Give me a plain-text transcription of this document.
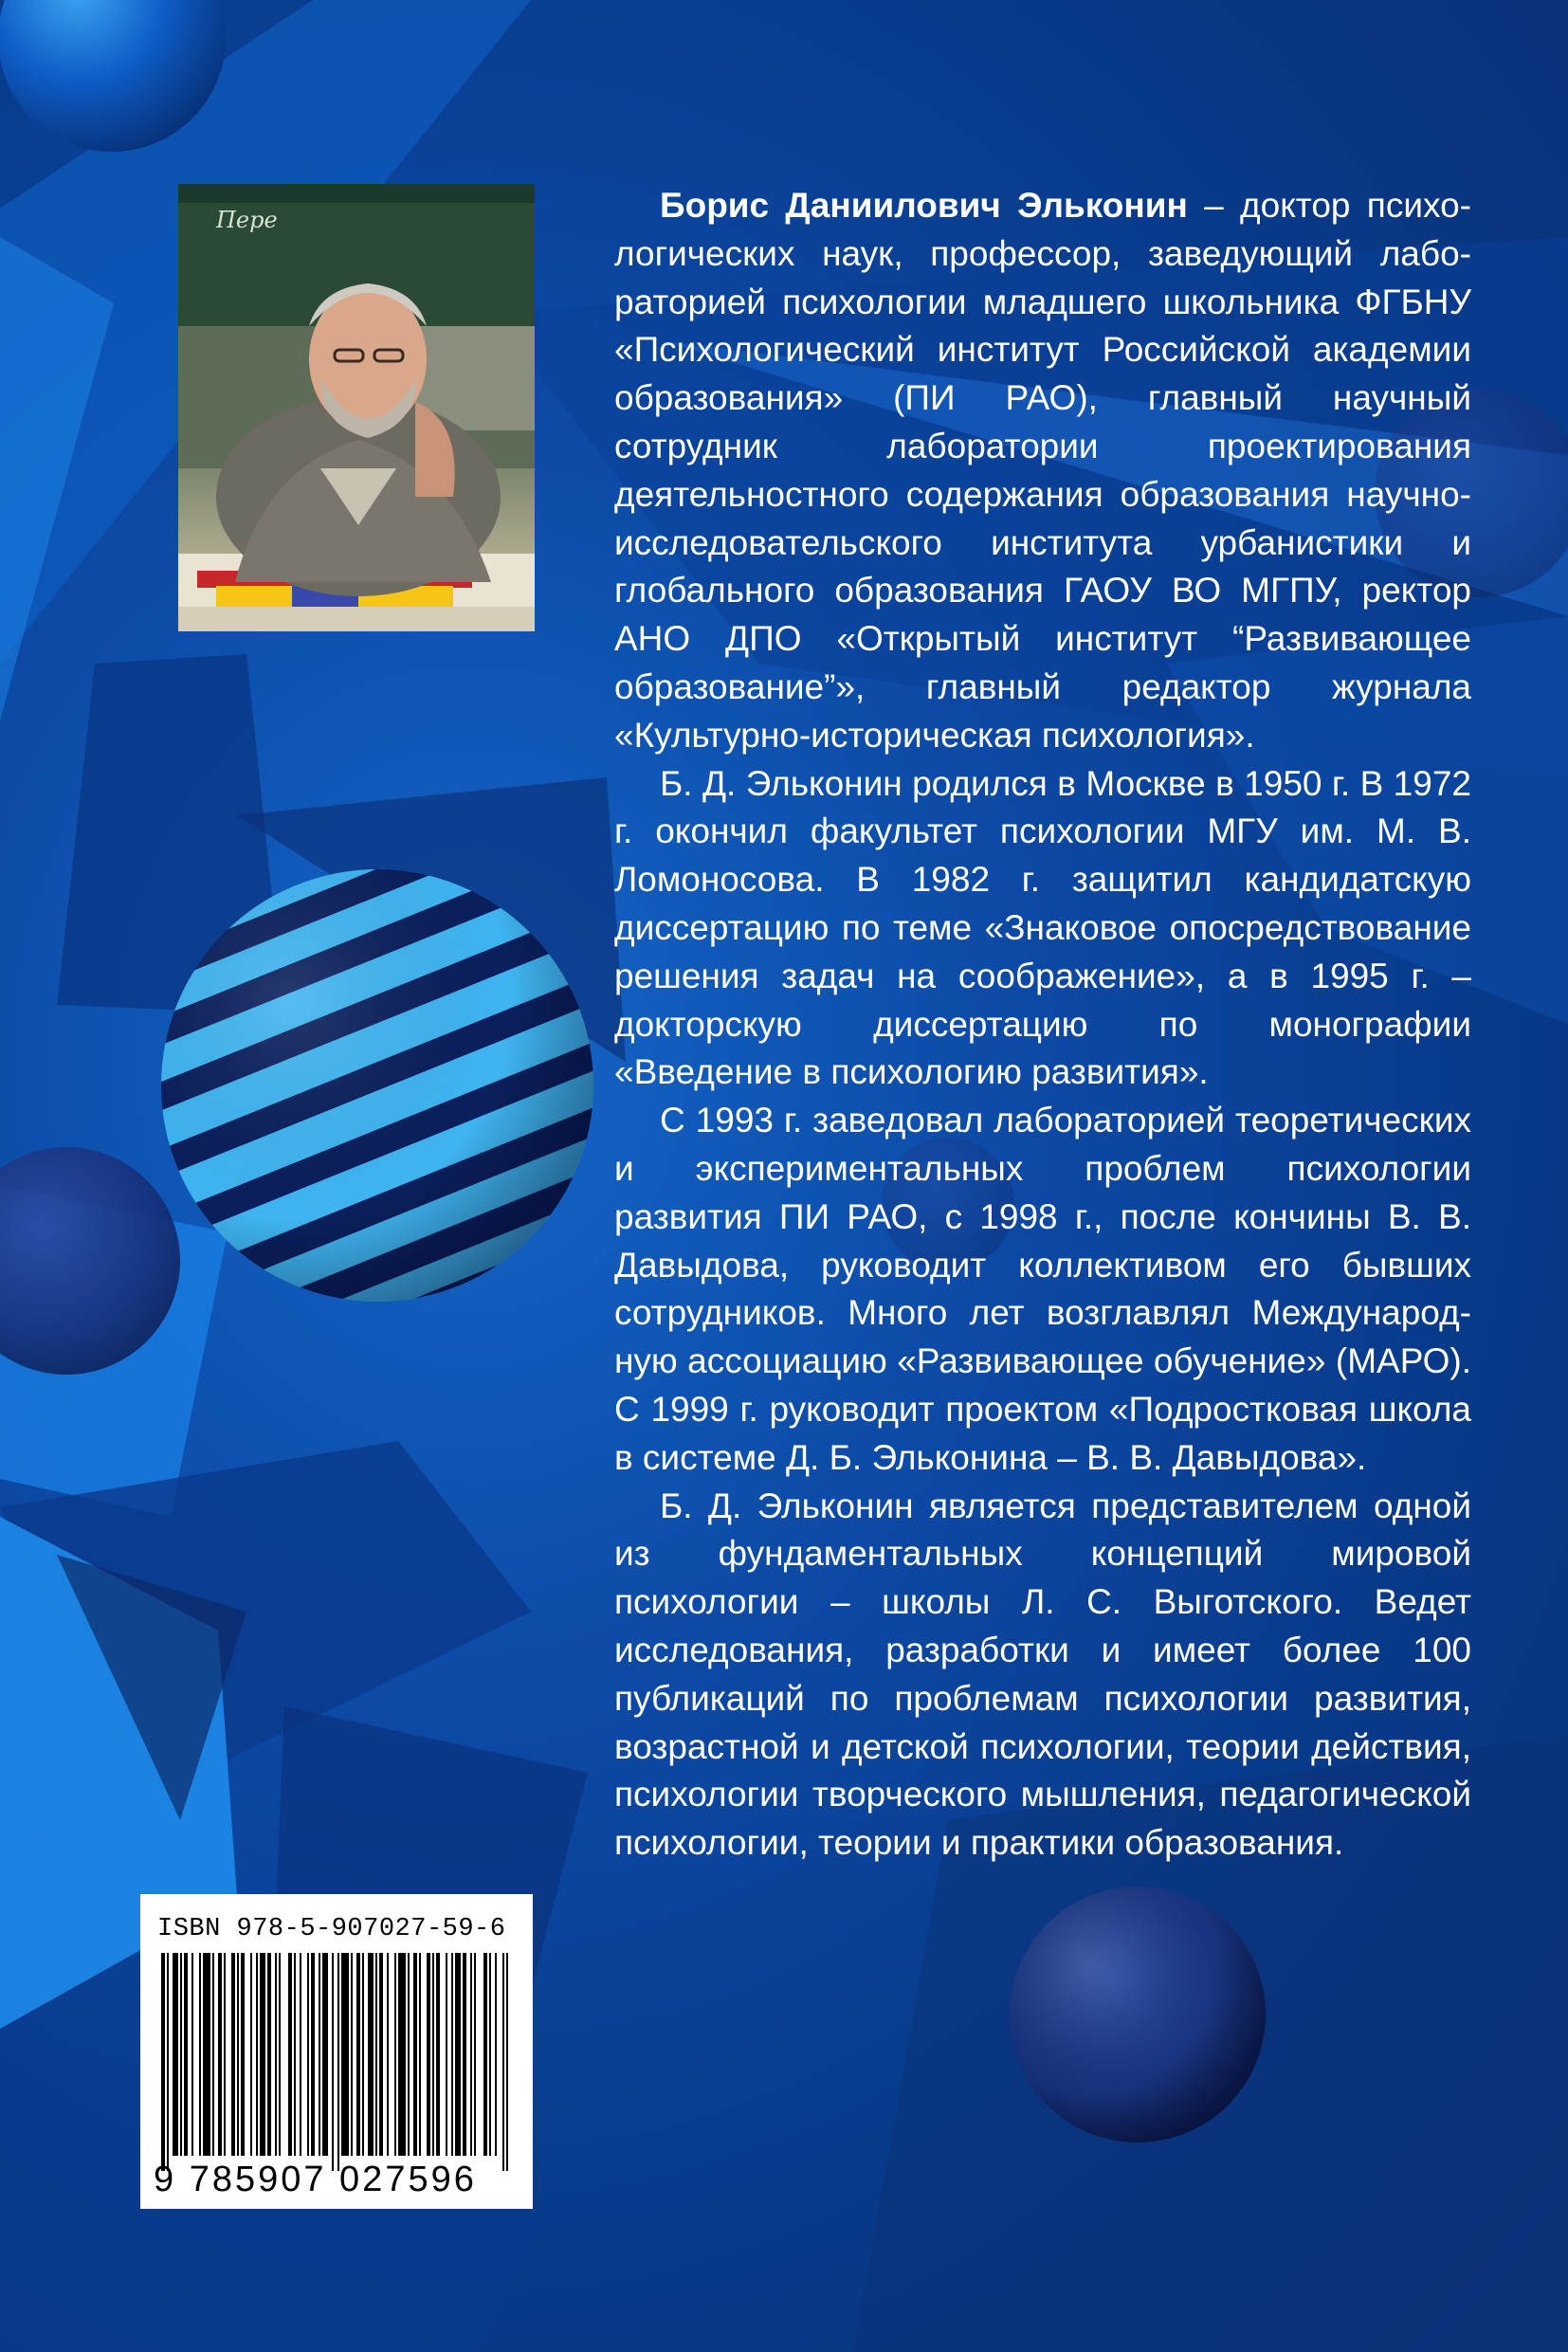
Пере	Борис Даниилович Эльконин – доктор психологических наук, профессор, заведующий лабораторией психологии младшего школьника ФГБНУ «Психологический институт Российской академии образования» (ПИ РАО), главный научный сотрудник лаборатории проектирования деятельностного содержания образования научно-исследовательского института урбанистики и глобального образования ГАОУ ВО МГПУ, ректор АНО ДПО «Открытый институт “Развивающее образование”», главный редактор журнала «Культурно-историческая психология».

Б. Д. Эльконин родился в Москве в 1950 г. В 1972 г. окончил факультет психологии МГУ им. М. В. Ломоносова. В 1982 г. защитил кандидатскую диссертацию по теме «Знаковое опосредствование решения задач на соображение», а в 1995 г. – докторскую диссертацию по монографии «Введение в психологию развития».

С 1993 г. заведовал лабораторией теоретических и экспериментальных проблем психологии развития ПИ РАО, с 1998 г., после кончины В. В. Давыдова, руководит коллективом его бывших сотрудников. Много лет возглавлял Международную ассоциацию «Развивающее обучение» (МАРО). С 1999 г. руководит проектом «Подростковая школа в системе Д. Б. Эльконина – В. В. Давыдова».

Б. Д. Эльконин является представителем одной из фундаментальных концепций мировой психологии – школы Л. С. Выготского. Ведет исследования, разработки и имеет более 100 публикаций по проблемам психологии развития, возрастной и детской психологии, теории действия, психологии творческого мышления, педагогической психологии, теории и практики образования.

ISBN 978-5-907027-59-6
9 785907 027596
